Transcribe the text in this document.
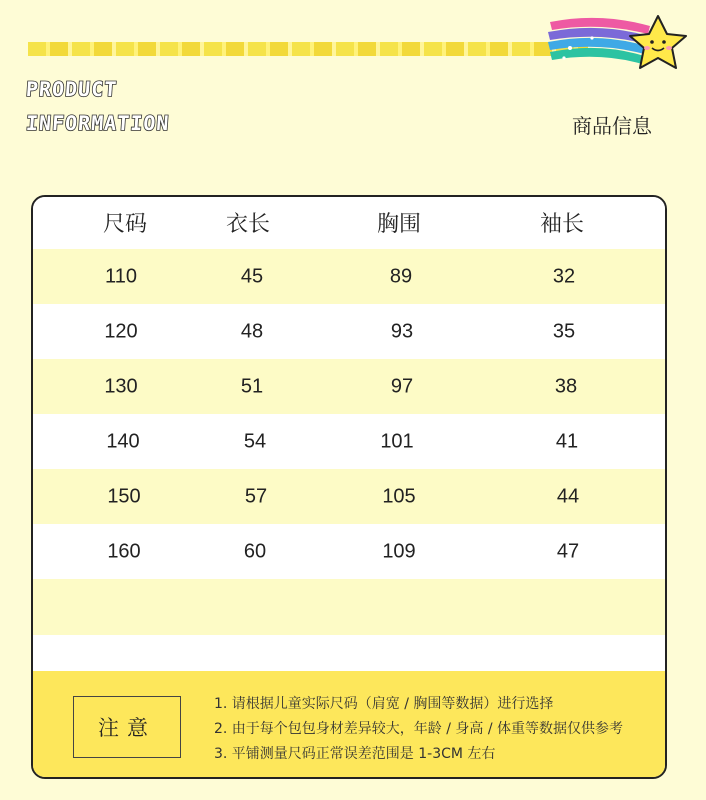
PRODUCT
INFORMATION	商品信息
尺码	衣长	胸围	袖长
110	45	89	32
120	48	93	35
130	51	97	38
140	54	101	41
150	57	105	44
160	60	109	47
注意
1. 请根据儿童实际尺码（肩宽 / 胸围等数据）进行选择
2. 由于每个包包身材差异较大，年龄 / 身高 / 体重等数据仅供参考
3. 平铺测量尺码正常误差范围是 1-3CM 左右
